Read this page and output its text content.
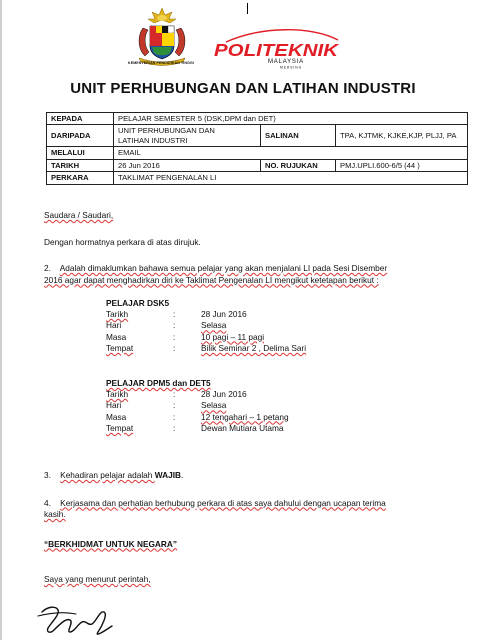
KEMENTERIAN PENDIDIKAN TINGGI
POLITEKNIK
MALAYSIA
MERSING
UNIT PERHUBUNGAN DAN LATIHAN INDUSTRI
KEPADA	PELAJAR SEMESTER 5 (DSK,DPM dan DET)		
DARIPADA	UNIT PERHUBUNGAN DAN
LATIHAN INDUSTRI	SALINAN	TPA, KJTMK, KJKE,KJP, PLJJ, PA
MELALUI	EMAIL		
TARIKH	26 Jun 2016	NO. RUJUKAN	PMJ.UPLI.600-6/5 (44 )
PERKARA	TAKLIMAT PENGENALAN LI		

Saudara / Saudari,

Dengan hormatnya perkara di atas dirujuk.

2. Adalah dimaklumkan bahawa semua pelajar yang akan menjalani LI pada Sesi Disember

2016 agar dapat menghadirkan diri ke Taklimat Pengenalan LI mengikut ketetapan berikut :

PELAJAR DSK5
Tarikh	:	28 Jun 2016
Hari	:	Selasa
Masa	:	10 pagi – 11 pagi
Tempat	:	Bilik Seminar 2 , Delima Sari
PELAJAR DPM5 dan DET5
Tarikh	:	28 Jun 2016
Hari	:	Selasa
Masa	:	12 tengahari – 1 petang
Tempat	:	Dewan Mutiara Utama

3. Kehadiran pelajar adalah WAJIB.

4. Kerjasama dan perhatian berhubung perkara di atas saya dahului dengan ucapan terima

kasih.

“BERKHIDMAT UNTUK NEGARA”

Saya yang menurut perintah,
